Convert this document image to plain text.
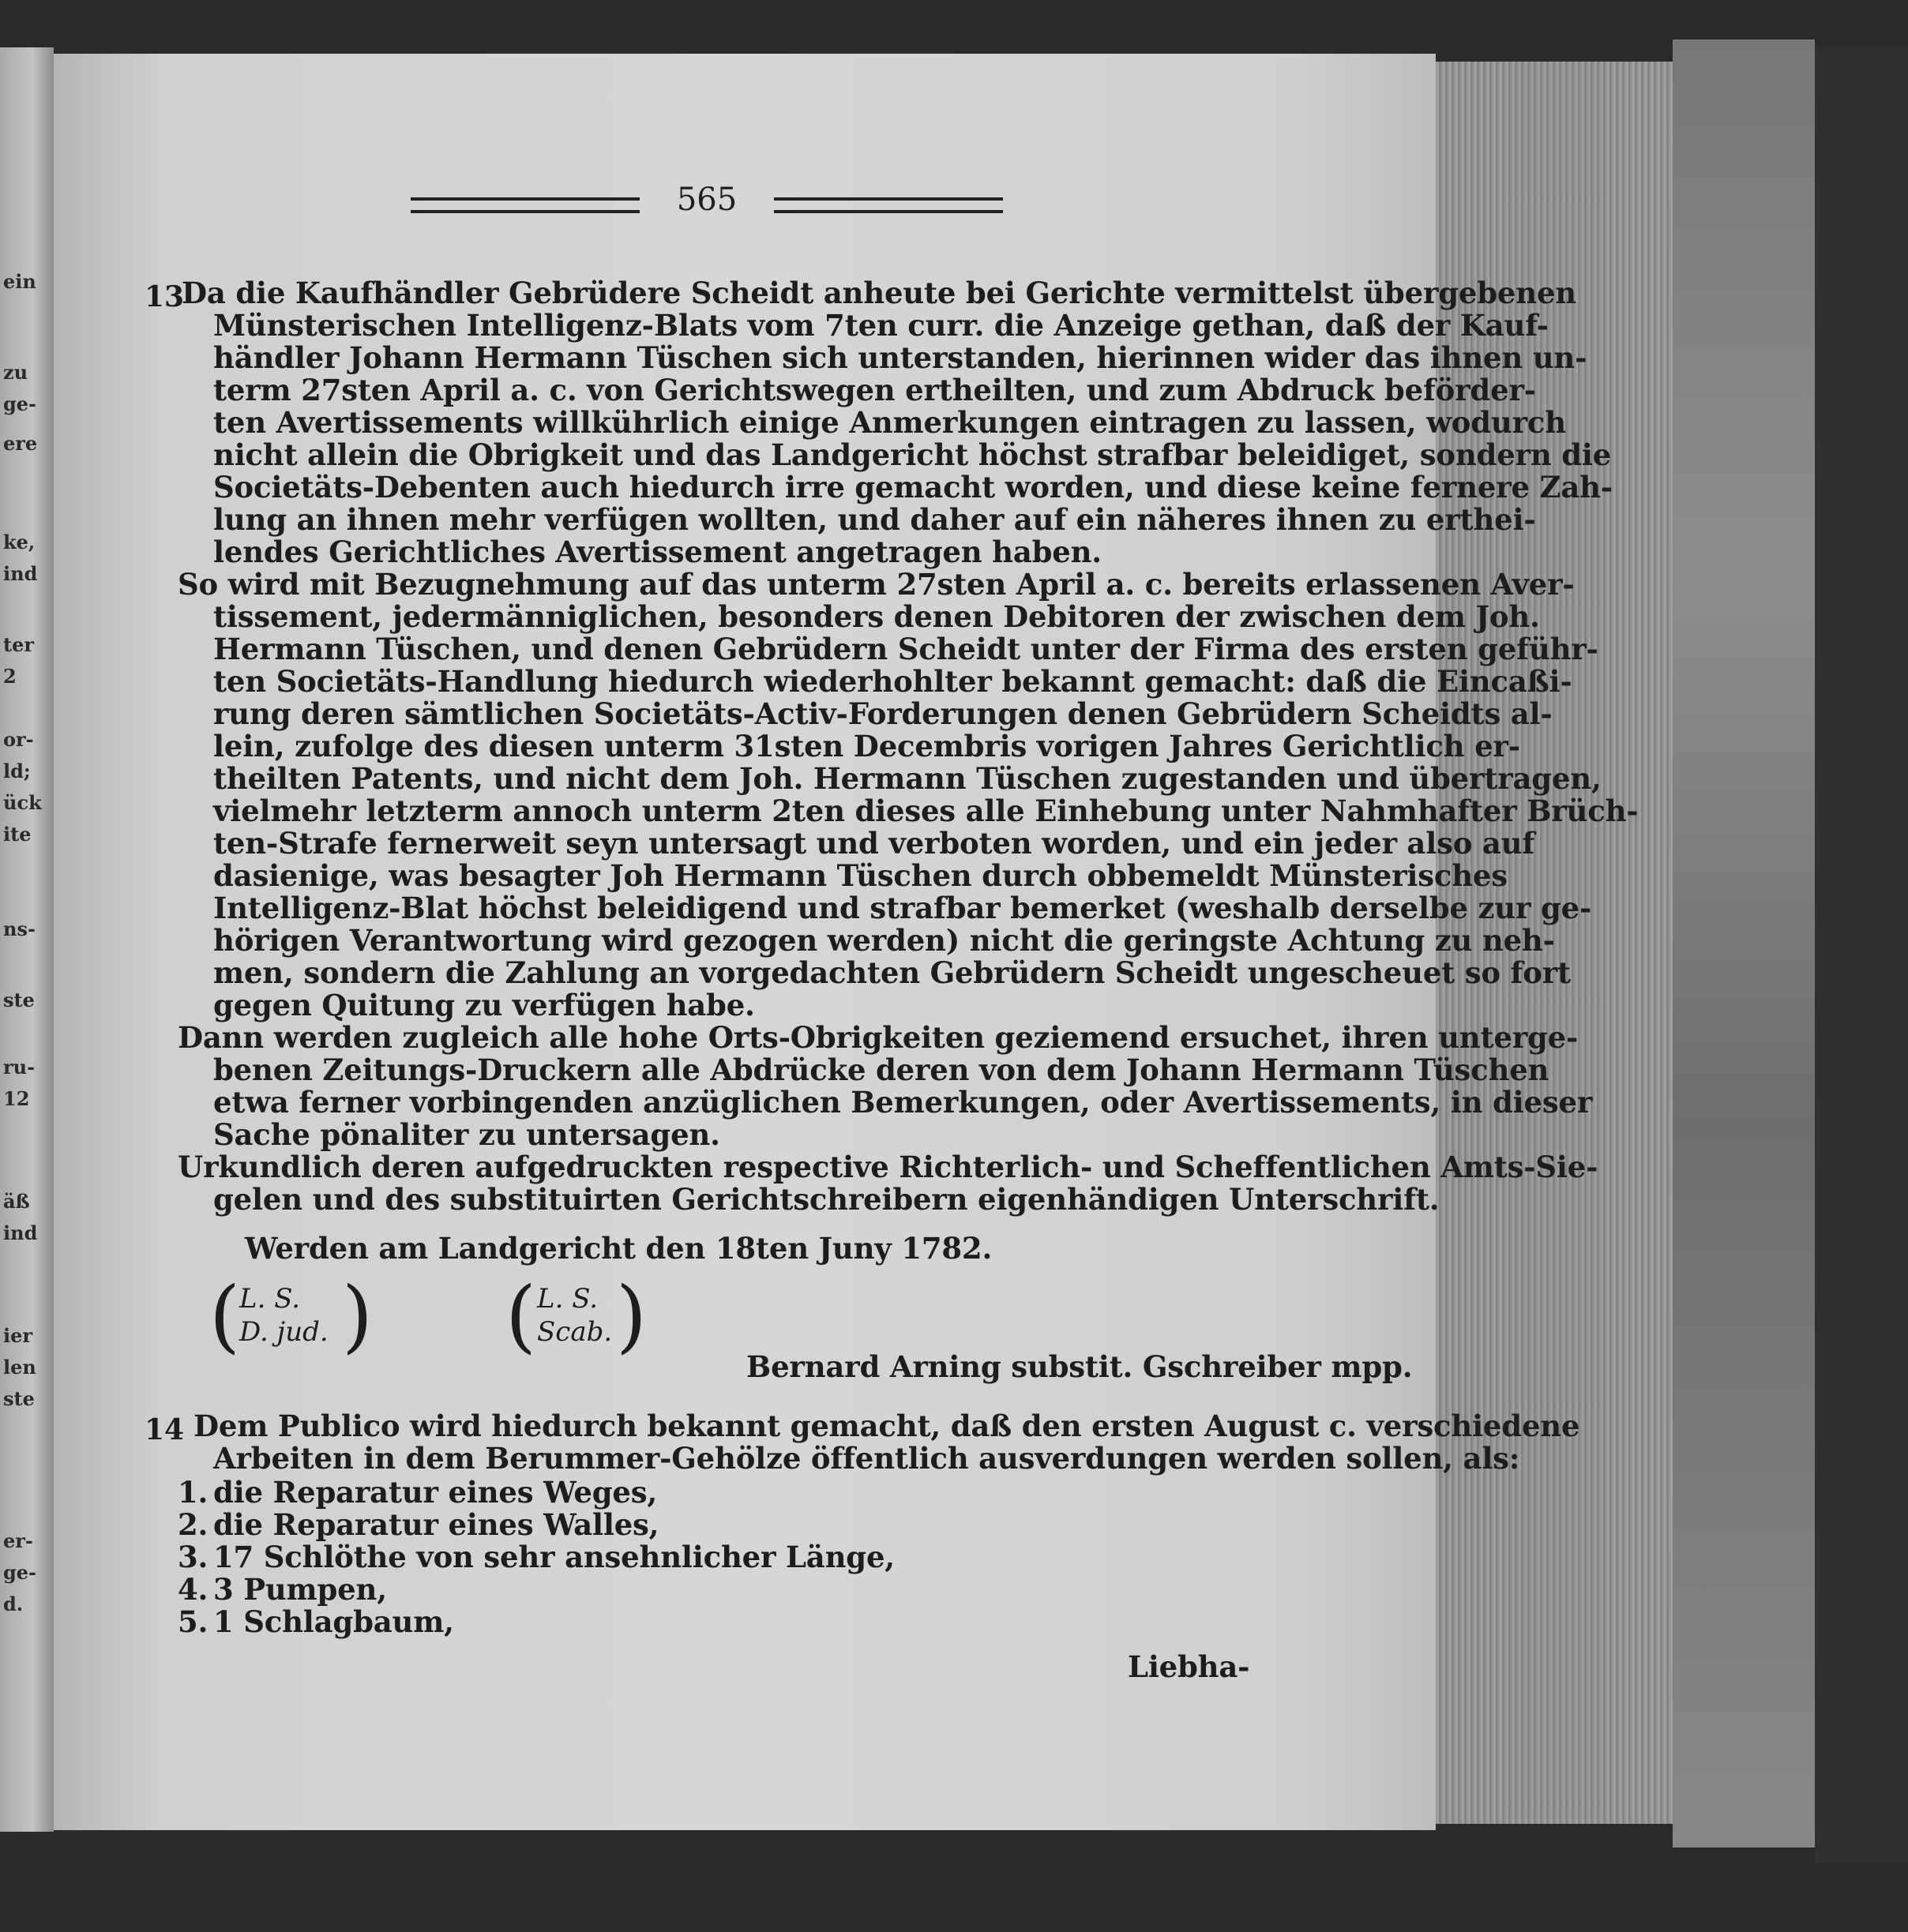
565
13
Da die Kaufhändler Gebrüdere Scheidt anheute bei Gerichte vermittelst übergebenen
Münsterischen Intelligenz-Blats vom 7ten curr. die Anzeige gethan, daß der Kauf-
händler Johann Hermann Tüschen sich unterstanden, hierinnen wider das ihnen un-
term 27sten April a. c. von Gerichtswegen ertheilten, und zum Abdruck beförder-
ten Avertissements willkührlich einige Anmerkungen eintragen zu lassen, wodurch
nicht allein die Obrigkeit und das Landgericht höchst strafbar beleidiget, sondern die
Societäts-Debenten auch hiedurch irre gemacht worden, und diese keine fernere Zah-
lung an ihnen mehr verfügen wollten, und daher auf ein näheres ihnen zu erthei-
lendes Gerichtliches Avertissement angetragen haben.
So wird mit Bezugnehmung auf das unterm 27sten April a. c. bereits erlassenen Aver-
tissement, jedermänniglichen, besonders denen Debitoren der zwischen dem Joh.
Hermann Tüschen, und denen Gebrüdern Scheidt unter der Firma des ersten geführ-
ten Societäts-Handlung hiedurch wiederhohlter bekannt gemacht: daß die Eincaßi-
rung deren sämtlichen Societäts-Activ-Forderungen denen Gebrüdern Scheidts al-
lein, zufolge des diesen unterm 31sten Decembris vorigen Jahres Gerichtlich er-
theilten Patents, und nicht dem Joh. Hermann Tüschen zugestanden und übertragen,
vielmehr letzterm annoch unterm 2ten dieses alle Einhebung unter Nahmhafter Brüch-
ten-Strafe fernerweit seyn untersagt und verboten worden, und ein jeder also auf
dasienige, was besagter Joh Hermann Tüschen durch obbemeldt Münsterisches
Intelligenz-Blat höchst beleidigend und strafbar bemerket (weshalb derselbe zur ge-
hörigen Verantwortung wird gezogen werden) nicht die geringste Achtung zu neh-
men, sondern die Zahlung an vorgedachten Gebrüdern Scheidt ungescheuet so fort
gegen Quitung zu verfügen habe.
Dann werden zugleich alle hohe Orts-Obrigkeiten geziemend ersuchet, ihren unterge-
benen Zeitungs-Druckern alle Abdrücke deren von dem Johann Hermann Tüschen
etwa ferner vorbingenden anzüglichen Bemerkungen, oder Avertissements, in dieser
Sache pönaliter zu untersagen.
Urkundlich deren aufgedruckten respective Richterlich- und Scheffentlichen Amts-Sie-
gelen und des substituirten Gerichtschreibern eigenhändigen Unterschrift.
Werden am Landgericht den 18ten Juny 1782.
Bernard Arning substit. Gschreiber mpp.
(
L. S.
D. jud. ) ( L. S.
Scab. )
14 Dem Publico wird hiedurch bekannt gemacht, daß den ersten August c. verschiedene
Arbeiten in dem Berummer-Gehölze öffentlich ausverdungen werden sollen, als:
1. die Reparatur eines Weges,
2. die Reparatur eines Walles,
3. 17 Schlöthe von sehr ansehnlicher Länge,
4. 3 Pumpen,
5. 1 Schlagbaum,
Liebha-
ein
zu
ge-
ere
ke,
ind
ter
2
or-
ld;
ück
ite
ns-
ste
ru-
12
äß
ind
ier
len
ste
er-
ge-
d.
